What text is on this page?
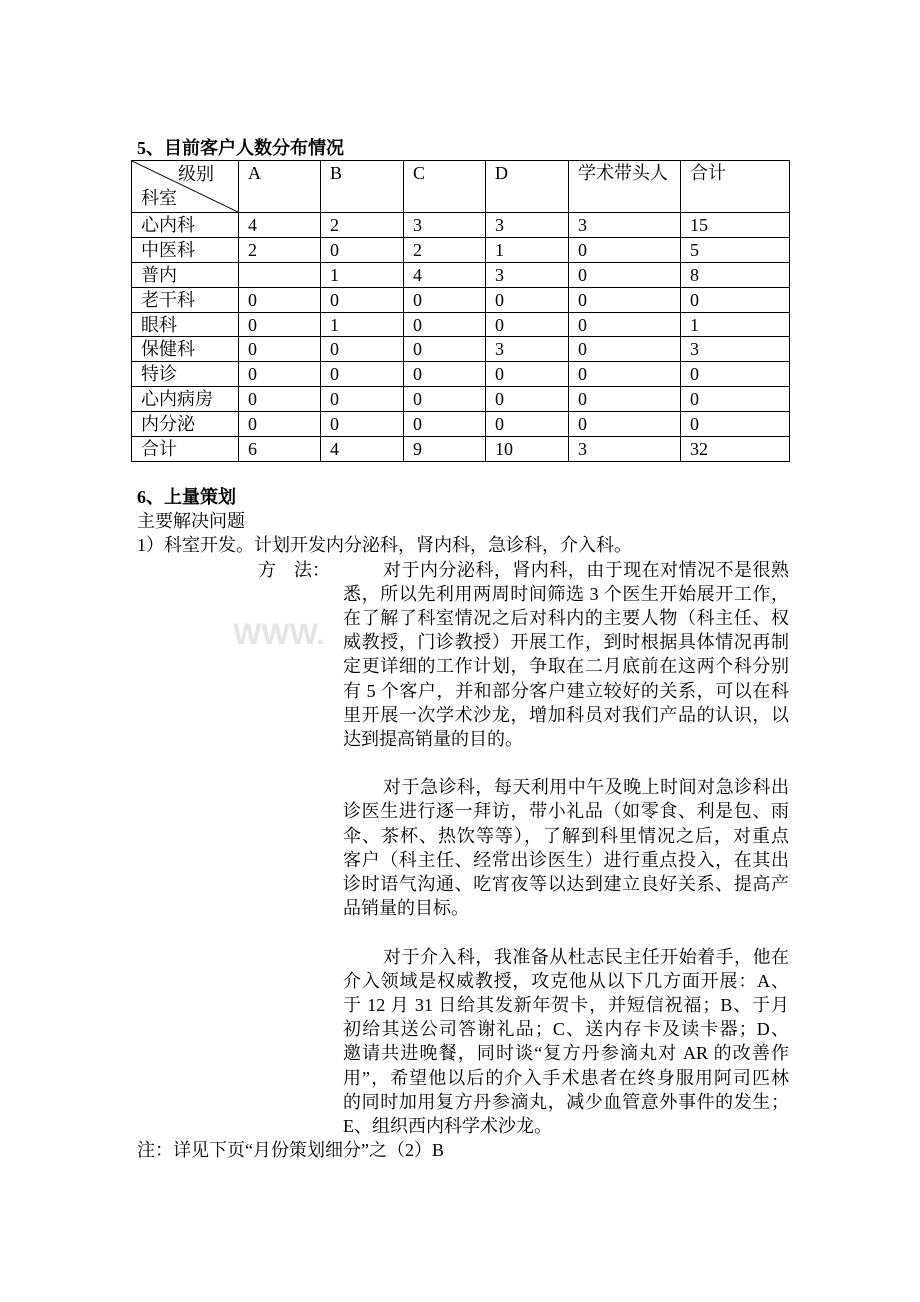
WWW.
5、目前客户人数分布情况
级别
科室	A	B	C	D	学术带头人	合计
心内科	4	2	3	3	3	15
中医科	2	0	2	1	0	5
普内		1	4	3	0	8
老干科	0	0	0	0	0	0
眼科	0	1	0	0	0	1
保健科	0	0	0	3	0	3
特诊	0	0	0	0	0	0
心内病房	0	0	0	0	0	0
内分泌	0	0	0	0	0	0
合计	6	4	9	10	3	32
6、上量策划
主要解决问题
1）科室开发。计划开发内分泌科，肾内科，急诊科，介入科。
方　法：	对于内分泌科，肾内科，由于现在对情况不是很熟
悉，所以先利用两周时间筛选 3 个医生开始展开工作，
在了解了科室情况之后对科内的主要人物（科主任、权
威教授，门诊教授）开展工作，到时根据具体情况再制
定更详细的工作计划，争取在二月底前在这两个科分别
有 5 个客户，并和部分客户建立较好的关系，可以在科
里开展一次学术沙龙，增加科员对我们产品的认识，以
达到提高销量的目的。
对于急诊科，每天利用中午及晚上时间对急诊科出
诊医生进行逐一拜访，带小礼品（如零食、利是包、雨
伞、茶杯、热饮等等），了解到科里情况之后，对重点
客户（科主任、经常出诊医生）进行重点投入，在其出
诊时语气沟通、吃宵夜等以达到建立良好关系、提高产
品销量的目标。
对于介入科，我准备从杜志民主任开始着手，他在
介入领域是权威教授，攻克他从以下几方面开展：A、
于 12 月 31 日给其发新年贺卡，并短信祝福；B、于月
初给其送公司答谢礼品；C、送内存卡及读卡器；D、
邀请共进晚餐，同时谈“复方丹参滴丸对 AR 的改善作
用”，希望他以后的介入手术患者在终身服用阿司匹林
的同时加用复方丹参滴丸，减少血管意外事件的发生；
E、组织西内科学术沙龙。
注：详见下页“月份策划细分”之（2）B
